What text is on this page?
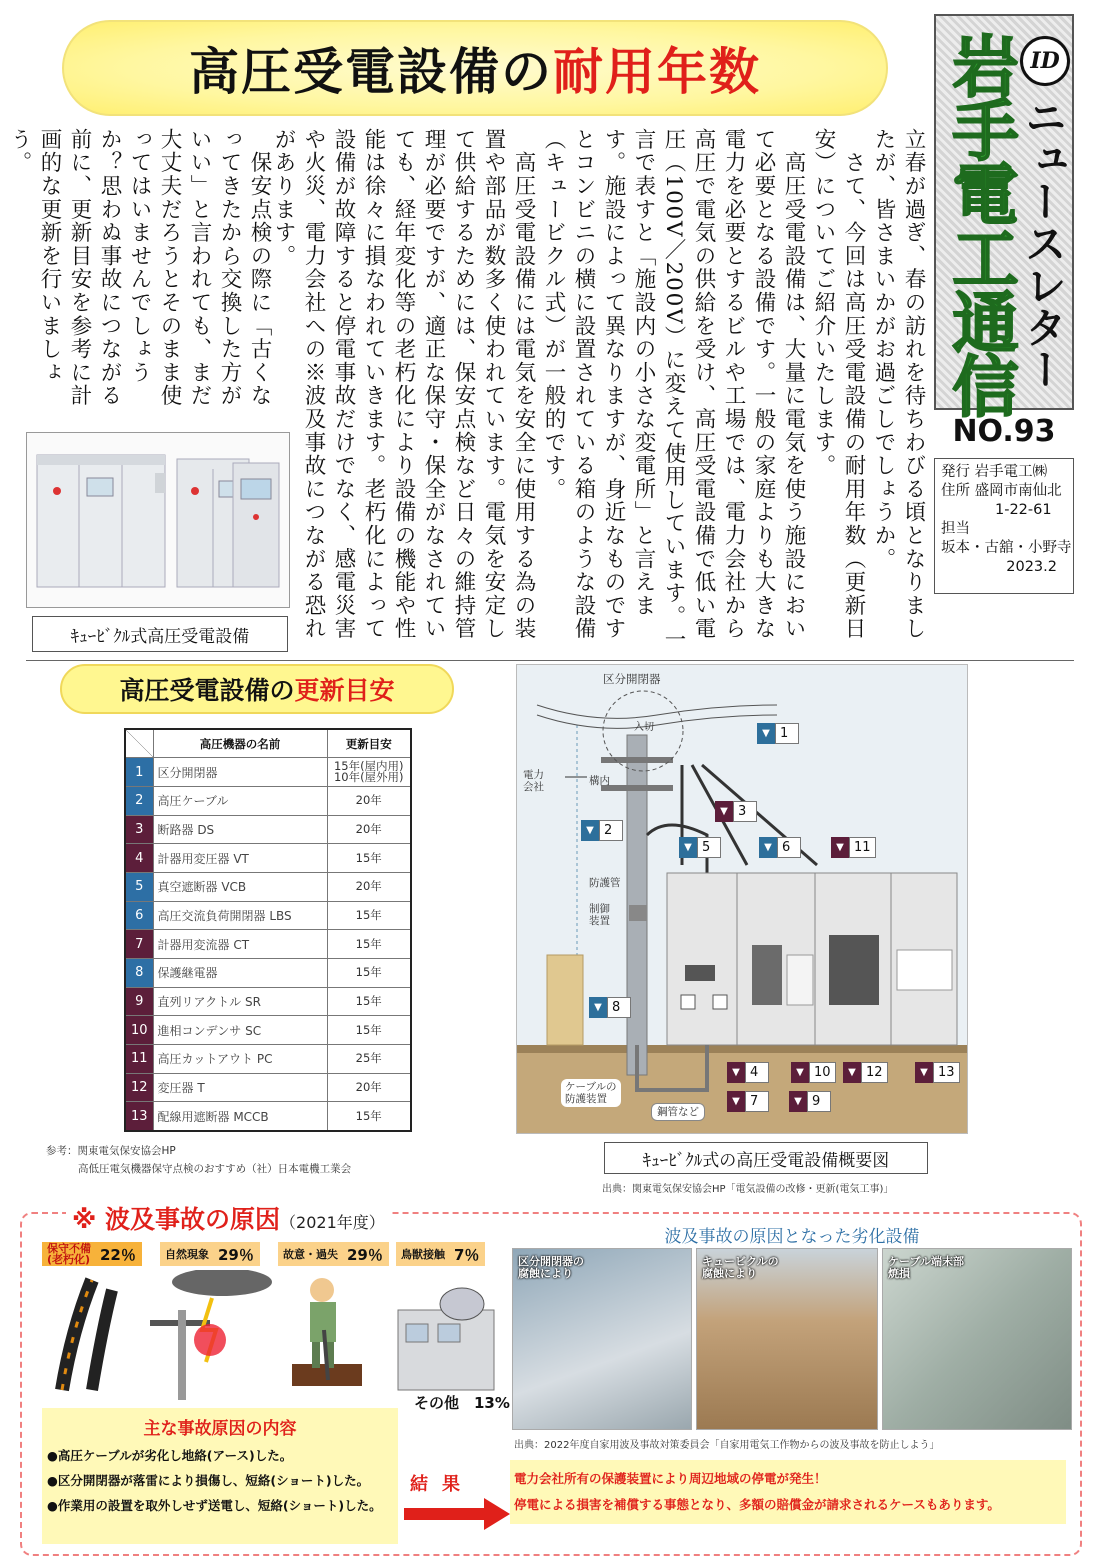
高圧受電設備の耐用年数	岩手電工通信 ID
ニュースレター
NO.93
発行 岩手電工㈱
住所 盛岡市南仙北
1-22-61
担当
坂本・古舘・小野寺
2023.2
立春が過ぎ、春の訪れを待ちわびる頃となりましたが、皆さまいかがお過ごしでしょうか。
　さて、今回は高圧受電設備の耐用年数（更新日安）についてご紹介いたします。
　高圧受電設備は、大量に電気を使う施設において必要となる設備です。一般の家庭よりも大きな電力を必要とするビルや工場では、電力会社から高圧で電気の供給を受け、高圧受電設備で低い電圧（100V／200V）に変えて使用しています。一言で表すと「施設内の小さな変電所」と言えます。施設によって異なりますが、身近なものですとコンビニの横に設置されている箱のような設備（キュービクル式）が一般的です。
　高圧受電設備には電気を安全に使用する為の装置や部品が数多く使われています。電気を安定して供給するためには、保安点検など日々の維持管理が必要ですが、適正な保守・保全がなされていても、経年変化等の老朽化により設備の機能や性能は徐々に損なわれていきます。老朽化によって設備が故障すると停電事故だけでなく、感電災害や火災、電力会社への※波及事故につながる恐れがあります。
　保安点検の際に「古くなってきたから交換した方がいい」と言われても、まだ大丈夫だろうとそのまま使ってはいませんでしょうか？思わぬ事故につながる前に、更新目安を参考に計画的な更新を行いましょう。
ｷｭｰﾋﾞｸﾙ式高圧受電設備
高圧受電設備の 更新目安
	高圧機器の名前	更新目安
1	区分開閉器	15年(屋内用)
10年(屋外用)
2	高圧ケーブル	20年
3	断路器 DS	20年
4	計器用変圧器 VT	15年
5	真空遮断器 VCB	20年
6	高圧交流負荷開閉器 LBS	15年
7	計器用変流器 CT	15年
8	保護継電器	15年
9	直列リアクトル SR	15年
10	進相コンデンサ SC	15年
11	高圧カットアウト PC	25年
12	変圧器 T	20年
13	配線用遮断器 MCCB	15年
参考：関東電気保安協会HP
高低圧電気機器保守点検のおすすめ（社）日本電機工業会
区分開閉器
入切
電力
会社	構内
防護管
制御
装置
ケーブルの
防護装置
鋼管など
▼ 1
▼ 2
▼ 3
▼ 4
▼ 5	▼ 6
▼ 7
▼ 8
▼ 9
▼ 10
▼ 11
▼ 12	▼ 13
ｷｭｰﾋﾞｸﾙ式の高圧受電設備概要図
出典：関東電気保安協会HP「電気設備の改修・更新(電気工事)」
※ 波及事故の原因（2021年度）
保守不備
(老朽化) 22％	自然現象 29％	故意・過失 29％	鳥獣接触 7％
その他　13%
主な事故原因の内容
●高圧ケーブルが劣化し地絡(アース)した。
●区分開閉器が落雷により損傷し、短絡(ショート)した。
●作業用の設置を取外しせず送電し、短絡(ショート)した。
結果
波及事故の原因となった劣化設備
区分開閉器の
腐蝕により
キュービクルの
腐蝕により
ケーブル端末部
焼損
出典：2022年度自家用波及事故対策委員会「自家用電気工作物からの波及事故を防止しよう」
電力会社所有の保護装置により周辺地域の停電が発生！
停電による損害を補償する事態となり、多額の賠償金が請求されるケースもあります。
